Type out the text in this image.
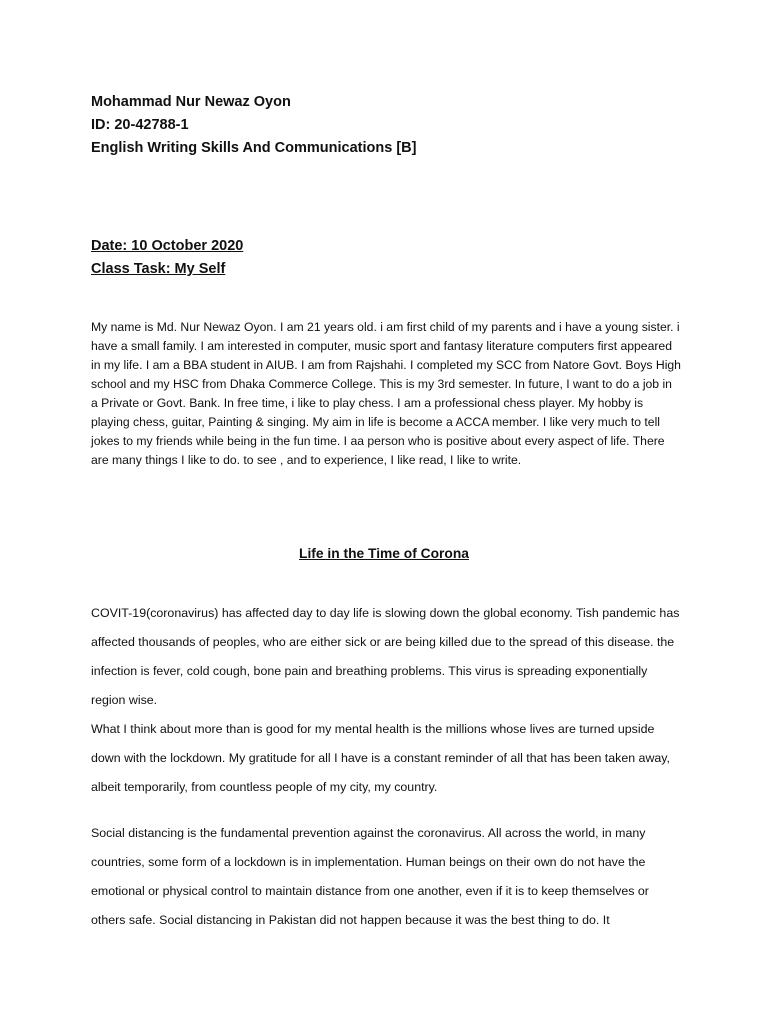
Mohammad Nur Newaz Oyon

ID: 20-42788-1

English Writing Skills And Communications [B]

Date: 10 October 2020

Class Task: My Self

My name is Md. Nur Newaz Oyon. I am 21 years old. i am first child of my parents and i have a young sister. i have a small family. I am interested in computer, music sport and fantasy literature computers first appeared in my life. I am a BBA student in AIUB. I am from Rajshahi. I completed my SCC from Natore Govt. Boys High school and my HSC from Dhaka Commerce College. This is my 3rd semester. In future, I want to do a job in a Private or Govt. Bank. In free time, i like to play chess. I am a professional chess player. My hobby is playing chess, guitar, Painting & singing. My aim in life is become a ACCA member. I like very much to tell jokes to my friends while being in the fun time. I aa person who is positive about every aspect of life. There are many things I like to do. to see , and to experience, I like read, I like to write.

Life in the Time of Corona

COVIT-19(coronavirus) has affected day to day life is slowing down the global economy. Tish pandemic has affected thousands of peoples, who are either sick or are being killed due to the spread of this disease. the infection is fever, cold cough, bone pain and breathing problems. This virus is spreading exponentially region wise.

What I think about more than is good for my mental health is the millions whose lives are turned upside down with the lockdown. My gratitude for all I have is a constant reminder of all that has been taken away, albeit temporarily, from countless people of my city, my country.

Social distancing is the fundamental prevention against the coronavirus. All across the world, in many countries, some form of a lockdown is in implementation. Human beings on their own do not have the emotional or physical control to maintain distance from one another, even if it is to keep themselves or others safe. Social distancing in Pakistan did not happen because it was the best thing to do. It
